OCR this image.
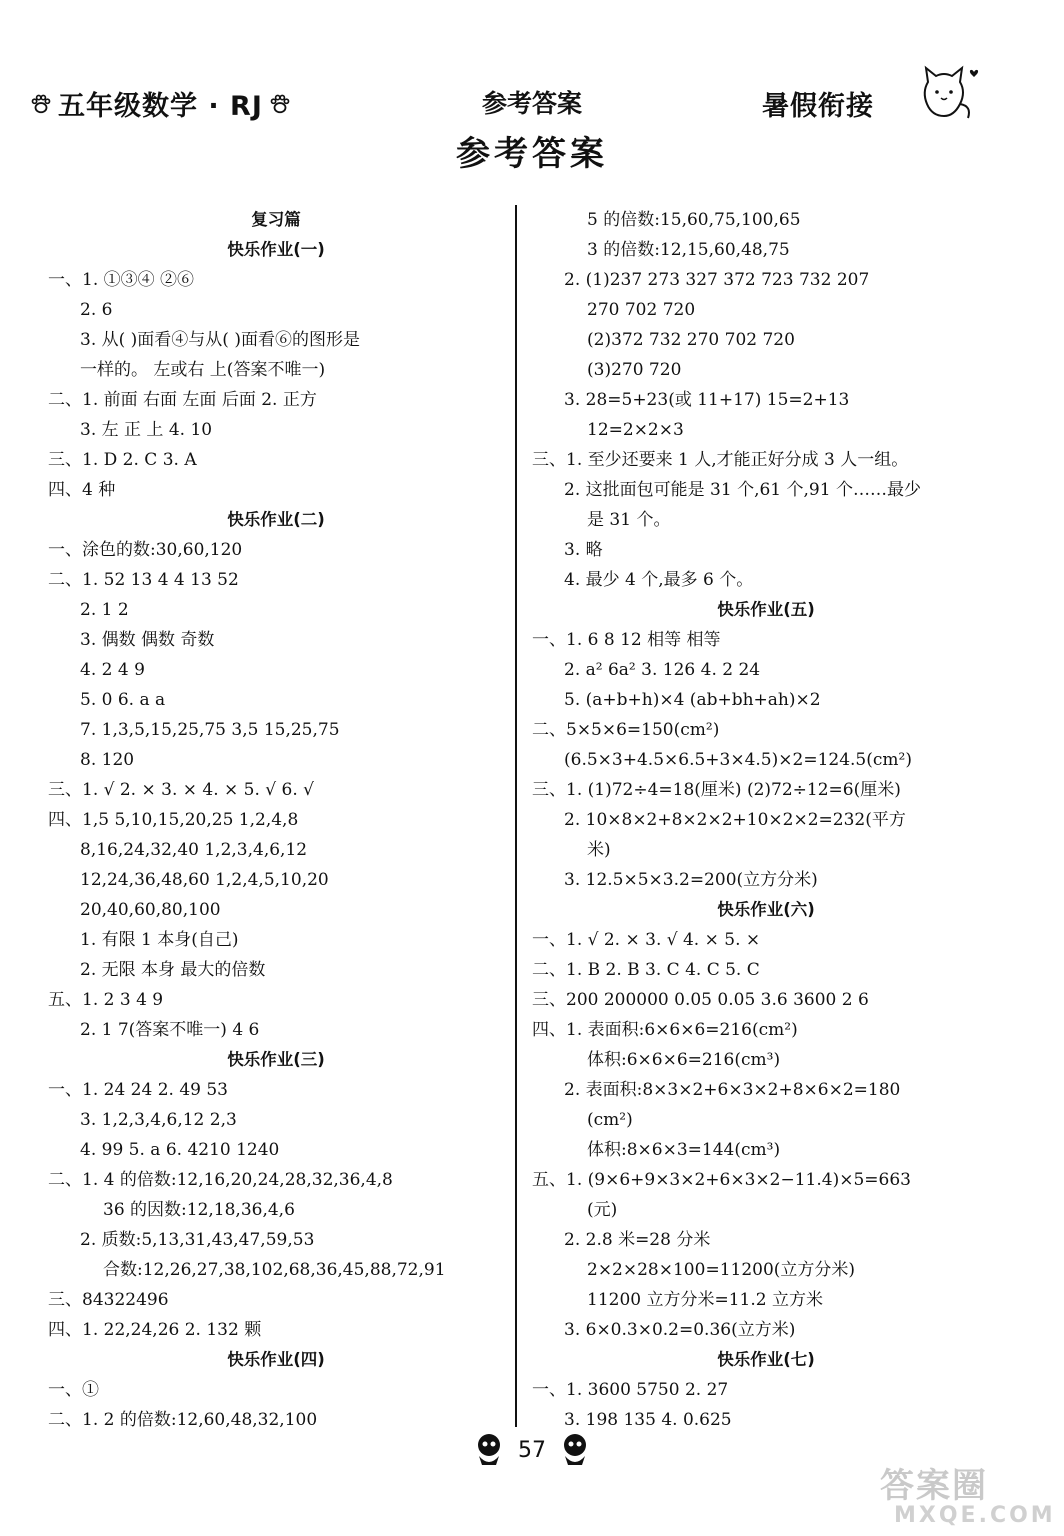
五年级数学 · RJ	参考答案	暑假衔接
参考答案
复习篇
快乐作业(一)
一、1. ①③④ ②⑥
2. 6
3. 从( )面看④与从( )面看⑥的图形是
一样的。 左或右 上(答案不唯一)
二、1. 前面 右面 左面 后面 2. 正方
3. 左 正 上 4. 10
三、1. D 2. C 3. A
四、4 种
快乐作业(二)
一、涂色的数:30,60,120
二、1. 52 13 4 4 13 52
2. 1 2
3. 偶数 偶数 奇数
4. 2 4 9
5. 0 6. a a
7. 1,3,5,15,25,75 3,5 15,25,75
8. 120
三、1. √ 2. × 3. × 4. × 5. √ 6. √
四、1,5 5,10,15,20,25 1,2,4,8
8,16,24,32,40 1,2,3,4,6,12
12,24,36,48,60 1,2,4,5,10,20
20,40,60,80,100
1. 有限 1 本身(自己)
2. 无限 本身 最大的倍数
五、1. 2 3 4 9
2. 1 7(答案不唯一) 4 6
快乐作业(三)
一、1. 24 24 2. 49 53
3. 1,2,3,4,6,12 2,3
4. 99 5. a 6. 4210 1240
二、1. 4 的倍数:12,16,20,24,28,32,36,4,8
36 的因数:12,18,36,4,6
2. 质数:5,13,31,43,47,59,53
合数:12,26,27,38,102,68,36,45,88,72,91
三、84322496
四、1. 22,24,26 2. 132 颗
快乐作业(四)
一、①
二、1. 2 的倍数:12,60,48,32,100
5 的倍数:15,60,75,100,65
3 的倍数:12,15,60,48,75
2. (1)237 273 327 372 723 732 207
270 702 720
(2)372 732 270 702 720
(3)270 720
3. 28=5+23(或 11+17) 15=2+13
12=2×2×3
三、1. 至少还要来 1 人,才能正好分成 3 人一组。
2. 这批面包可能是 31 个,61 个,91 个……最少
是 31 个。
3. 略
4. 最少 4 个,最多 6 个。
快乐作业(五)
一、1. 6 8 12 相等 相等
2. a² 6a² 3. 126 4. 2 24
5. (a+b+h)×4 (ab+bh+ah)×2
二、5×5×6=150(cm²)
(6.5×3+4.5×6.5+3×4.5)×2=124.5(cm²)
三、1. (1)72÷4=18(厘米) (2)72÷12=6(厘米)
2. 10×8×2+8×2×2+10×2×2=232(平方
米)
3. 12.5×5×3.2=200(立方分米)
快乐作业(六)
一、1. √ 2. × 3. √ 4. × 5. ×
二、1. B 2. B 3. C 4. C 5. C
三、200 200000 0.05 0.05 3.6 3600 2 6
四、1. 表面积:6×6×6=216(cm²)
体积:6×6×6=216(cm³)
2. 表面积:8×3×2+6×3×2+8×6×2=180
(cm²)
体积:8×6×3=144(cm³)
五、1. (9×6+9×3×2+6×3×2−11.4)×5=663
(元)
2. 2.8 米=28 分米
2×2×28×100=11200(立方分米)
11200 立方分米=11.2 立方米
3. 6×0.3×0.2=0.36(立方米)
快乐作业(七)
一、1. 3600 5750 2. 27
3. 198 135 4. 0.625
57
答案圈
MXQE.COM
